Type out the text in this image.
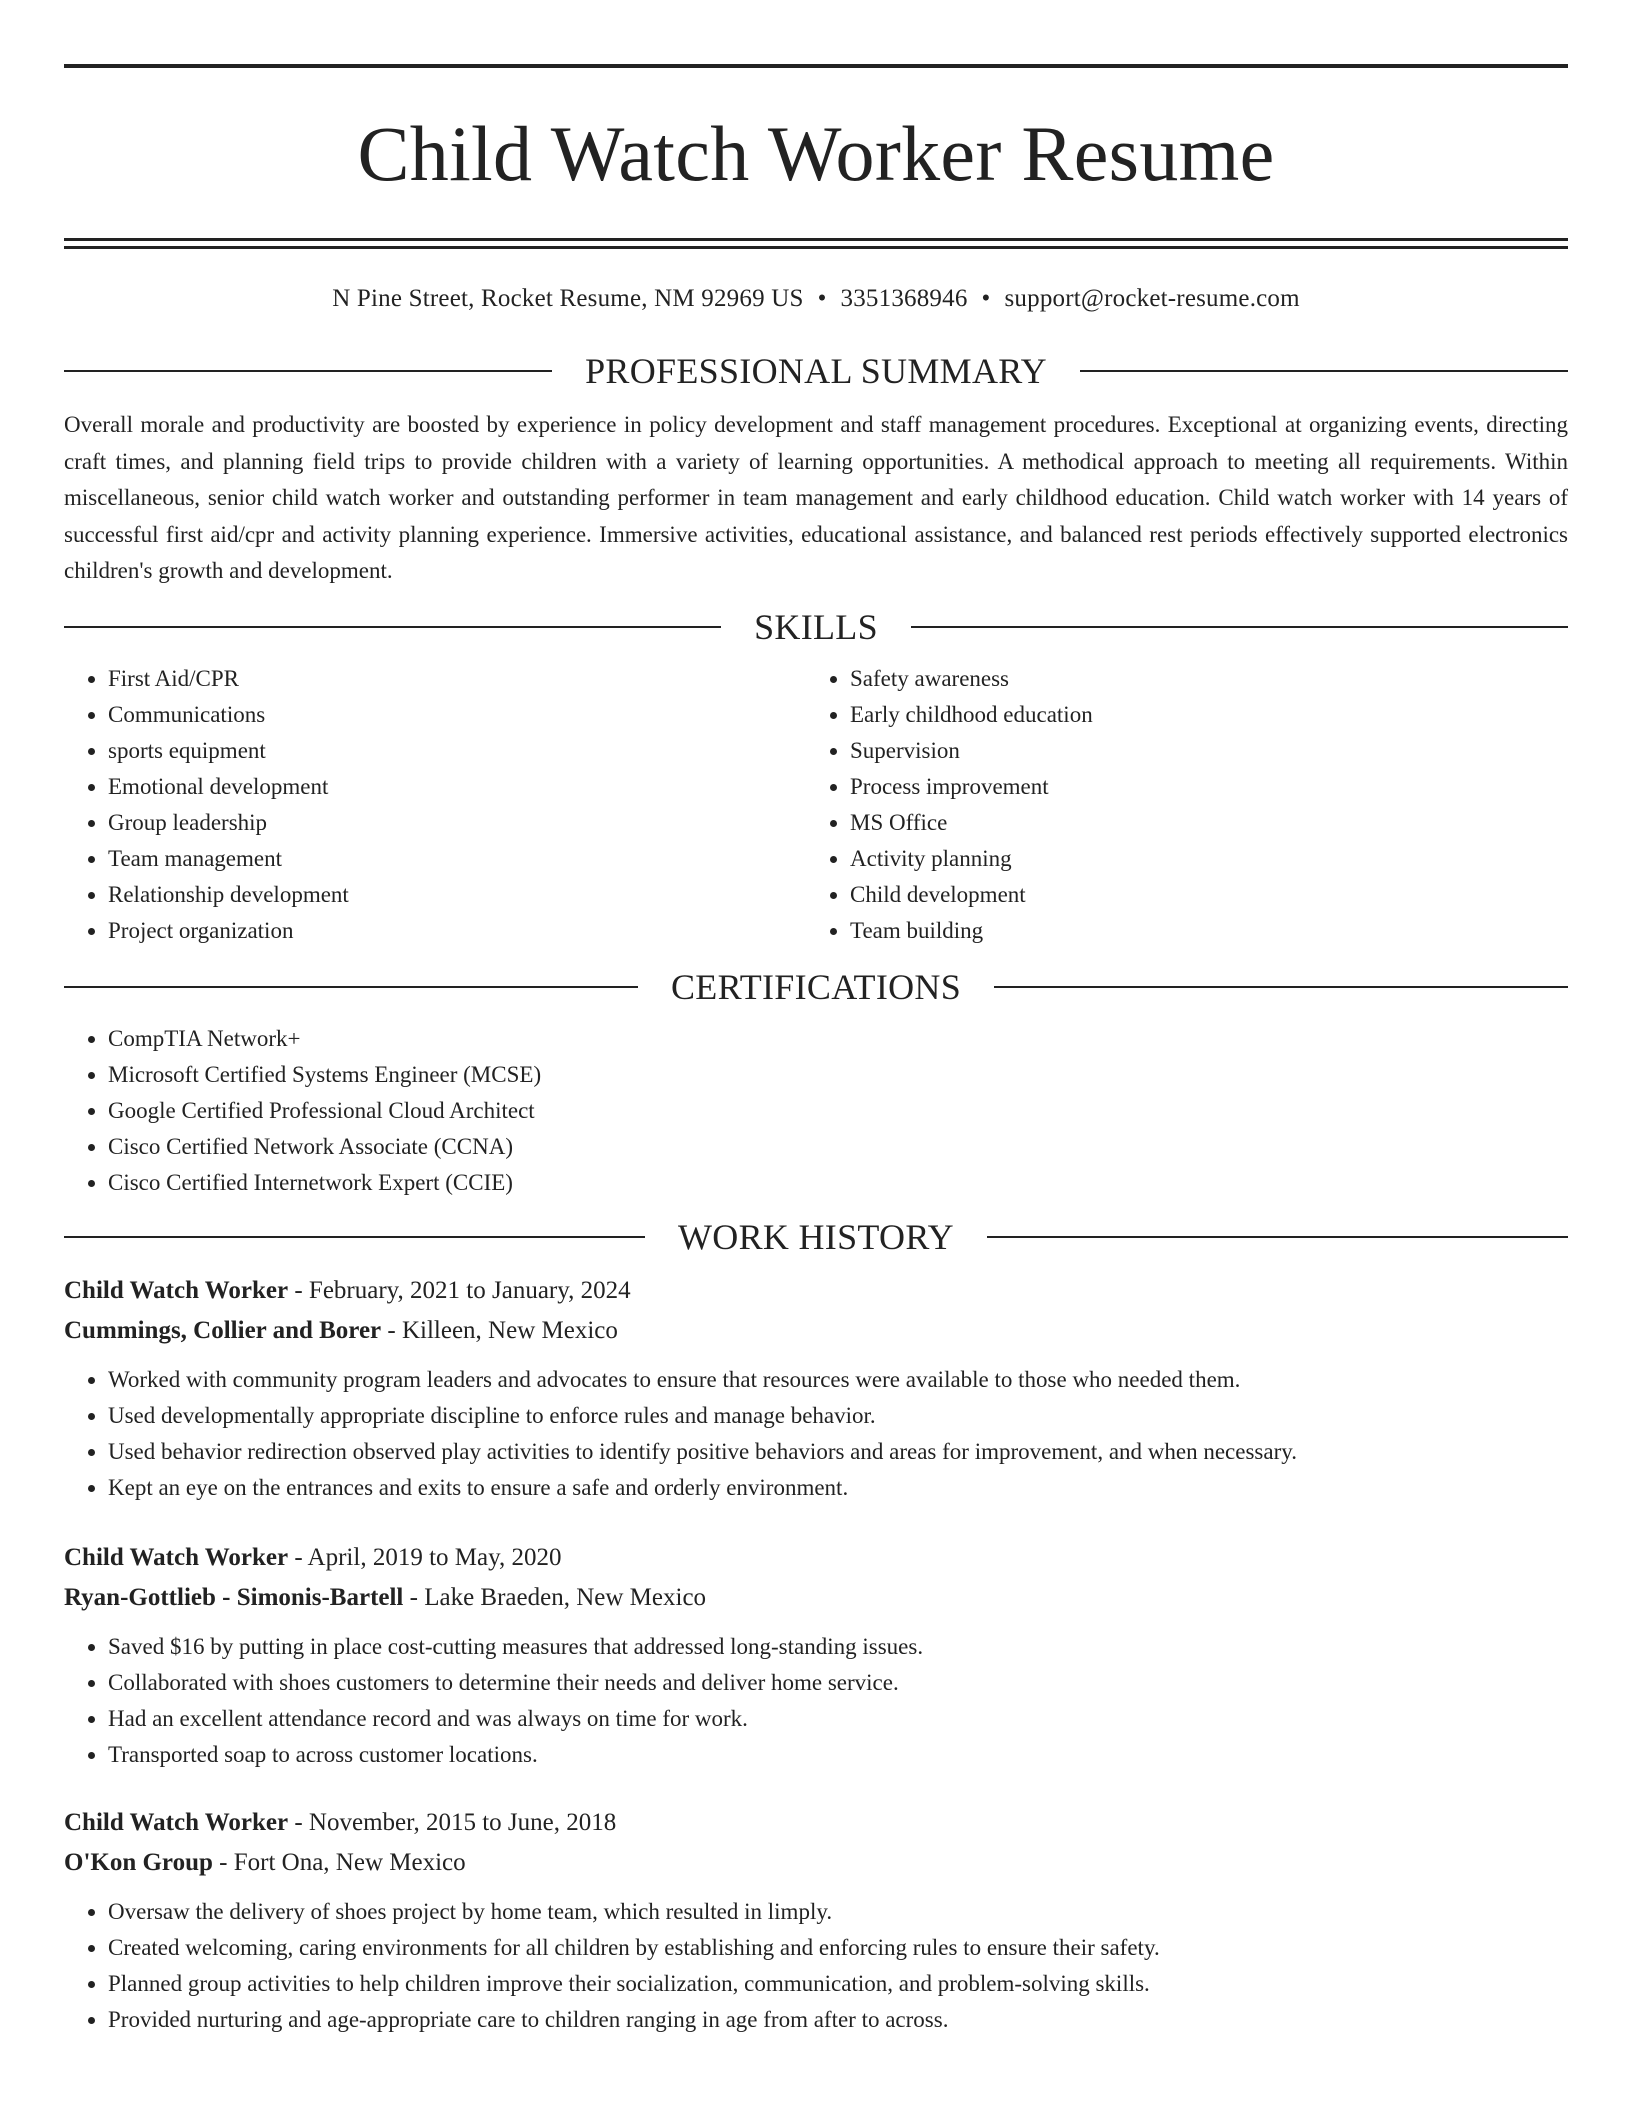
Child Watch Worker Resume
N Pine Street, Rocket Resume, NM 92969 US • 3351368946 • support@rocket-resume.com
PROFESSIONAL SUMMARY

Overall morale and productivity are boosted by experience in policy development and staff management procedures. Exceptional at organizing events, directing craft times, and planning field trips to provide children with a variety of learning opportunities. A methodical approach to meeting all requirements. Within miscellaneous, senior child watch worker and outstanding performer in team management and early childhood education. Child watch worker with 14 years of successful first aid/cpr and activity planning experience. Immersive activities, educational assistance, and balanced rest periods effectively supported electronics children's growth and development.

SKILLS
• First Aid/CPR
• Communications
• sports equipment
• Emotional development
• Group leadership
• Team management
• Relationship development
• Project organization
• Safety awareness
• Early childhood education
• Supervision
• Process improvement
• MS Office
• Activity planning
• Child development
• Team building
CERTIFICATIONS
• CompTIA Network+
• Microsoft Certified Systems Engineer (MCSE)
• Google Certified Professional Cloud Architect
• Cisco Certified Network Associate (CCNA)
• Cisco Certified Internetwork Expert (CCIE)
WORK HISTORY

Child Watch Worker - February, 2021 to January, 2024

Cummings, Collier and Borer - Killeen, New Mexico

• Worked with community program leaders and advocates to ensure that resources were available to those who needed them.
• Used developmentally appropriate discipline to enforce rules and manage behavior.
• Used behavior redirection observed play activities to identify positive behaviors and areas for improvement, and when necessary.
• Kept an eye on the entrances and exits to ensure a safe and orderly environment.

Child Watch Worker - April, 2019 to May, 2020

Ryan-Gottlieb - Simonis-Bartell - Lake Braeden, New Mexico

• Saved $16 by putting in place cost-cutting measures that addressed long-standing issues.
• Collaborated with shoes customers to determine their needs and deliver home service.
• Had an excellent attendance record and was always on time for work.
• Transported soap to across customer locations.

Child Watch Worker - November, 2015 to June, 2018

O'Kon Group - Fort Ona, New Mexico

• Oversaw the delivery of shoes project by home team, which resulted in limply.
• Created welcoming, caring environments for all children by establishing and enforcing rules to ensure their safety.
• Planned group activities to help children improve their socialization, communication, and problem-solving skills.
• Provided nurturing and age-appropriate care to children ranging in age from after to across.
